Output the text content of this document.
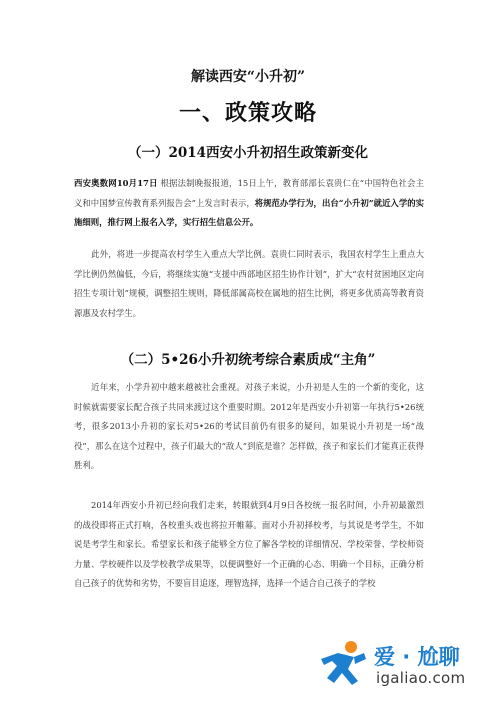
解读西安“小升初”
一、政策攻略
（一）2014西安小升初招生政策新变化
西安奥数网10月17日 根据法制晚报报道，15日上午，教育部部长袁贵仁在“中国特色社会主义和中国梦宣传教育系列报告会”上发言时表示，将规范办学行为，出台“小升初”就近入学的实施细则，推行网上报名入学，实行招生信息公开。
此外，将进一步提高农村学生入重点大学比例。袁贵仁同时表示，我国农村学生上重点大学比例仍然偏低，今后，将继续实施“支援中西部地区招生协作计划”，扩大“农村贫困地区定向招生专项计划”规模，调整招生规则，降低部属高校在属地的招生比例，将更多优质高等教育资源惠及农村学生。
（二）5•26小升初统考综合素质成“主角”
近年来，小学升初中越来越被社会重视。对孩子来说，小升初是人生的一个新的变化，这时候就需要家长配合孩子共同来渡过这个重要时期。2012年是西安小升初第一年执行5•26统考，很多2013小升初的家长对5•26的考试目前仍有很多的疑问，如果说小升初是一场“战役”，那么在这个过程中，孩子们最大的“敌人”到底是谁？怎样做，孩子和家长们才能真正获得胜利。
2014年西安小升初已经向我们走来，转眼就到4月9日各校统一报名时间，小升初最激烈的战役即将正式打响，各校重头戏也将拉开帷幕。面对小升初择校考，与其说是考学生，不如说是考学生和家长。希望家长和孩子能够全方位了解各学校的详细情况、学校荣誉、学校师资力量、学校硬件以及学校教学成果等，以便调整好一个正确的心态、明确一个目标，正确分析自己孩子的优势和劣势，不要盲目追逐，理智选择，选择一个适合自己孩子的学校
爱 · 尬聊
igaliao.com
